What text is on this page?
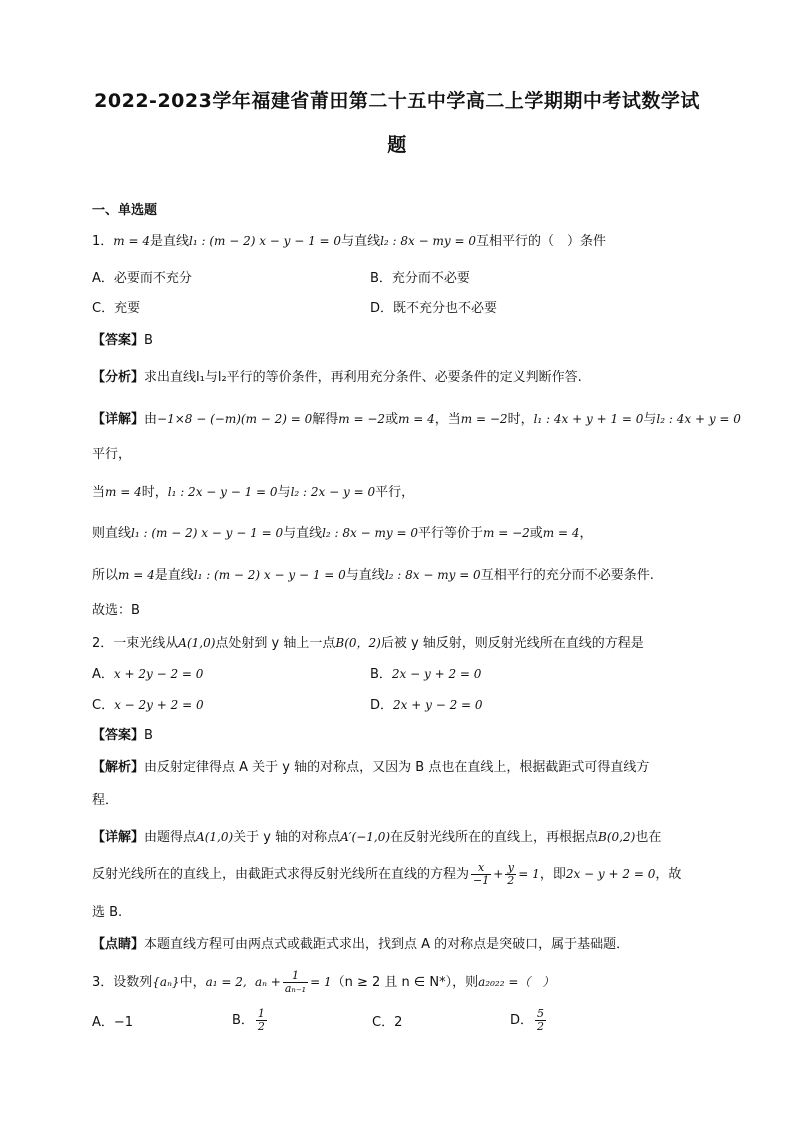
2022-2023学年福建省莆田第二十五中学高二上学期期中考试数学试
题
一、单选题
1．m = 4是直线l₁ : (m − 2) x − y − 1 = 0与直线l₂ : 8x − my = 0互相平行的（　）条件
A．必要而不充分	B．充分而不必要
C．充要	D．既不充分也不必要
【答案】B
【分析】求出直线l₁与l₂平行的等价条件，再利用充分条件、必要条件的定义判断作答.
【详解】由−1×8 − (−m)(m − 2) = 0解得m = −2或m = 4，当m = −2时，l₁ : 4x + y + 1 = 0与l₂ : 4x + y = 0
平行，
当m = 4时，l₁ : 2x − y − 1 = 0与l₂ : 2x − y = 0平行，
则直线l₁ : (m − 2) x − y − 1 = 0与直线l₂ : 8x − my = 0平行等价于m = −2或m = 4，
所以m = 4是直线l₁ : (m − 2) x − y − 1 = 0与直线l₂ : 8x − my = 0互相平行的充分而不必要条件.
故选：B
2．一束光线从A(1,0)点处射到 y 轴上一点B(0，2)后被 y 轴反射，则反射光线所在直线的方程是
A．x + 2y − 2 = 0	B．2x − y + 2 = 0
C．x − 2y + 2 = 0	D．2x + y − 2 = 0
【答案】B
【解析】由反射定律得点 A 关于 y 轴的对称点，又因为 B 点也在直线上，根据截距式可得直线方
程．
【详解】由题得点A(1,0)关于 y 轴的对称点A′(−1,0)在反射光线所在的直线上，再根据点B(0,2)也在
反射光线所在的直线上，由截距式求得反射光线所在直线的方程为 $\frac{x}{-1} + \frac{y}{2} = 1$，即2x − y + 2 = 0，故
选 B.
【点睛】本题直线方程可由两点式或截距式求出，找到点 A 的对称点是突破口，属于基础题．
3．设数列{aₙ}中，a₁ = 2, $a_n + \frac{1}{\text{aₙ₋₁}} = 1(n \ge 2$ 且 n ∈ N*），则a₂₀₂₂ =（　）
A．−1	B． $\frac{1}{2}$	C．2	D． $\frac{5}{2}$
